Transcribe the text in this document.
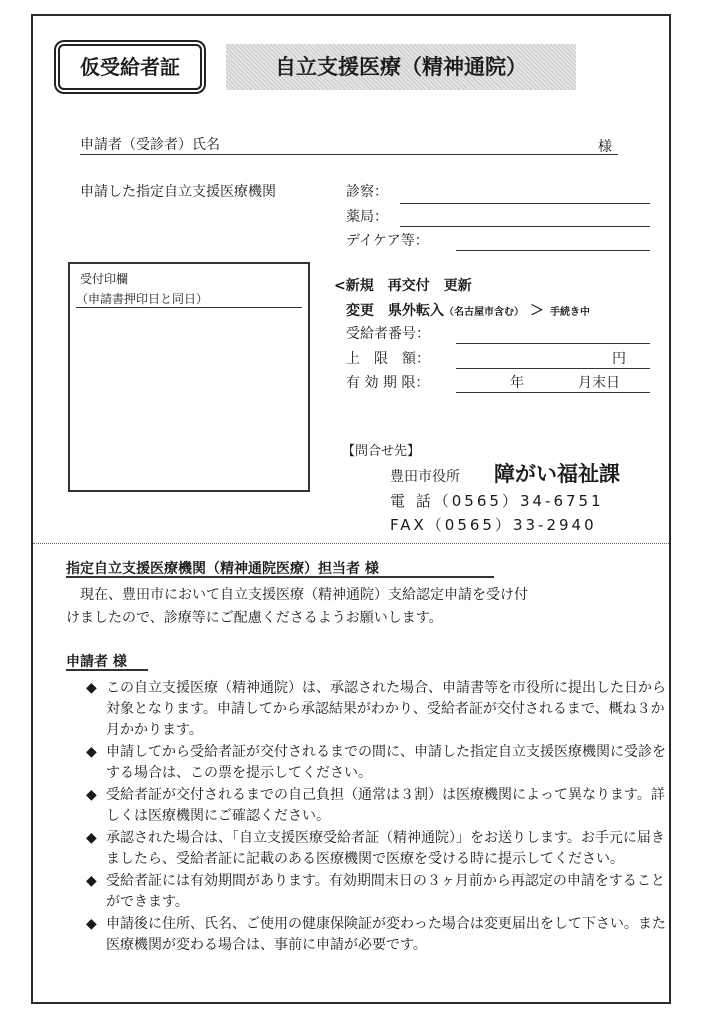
仮受給者証	自立支援医療（精神通院）
申請者（受診者）氏名	様
申請した指定自立支援医療機関	診察：
薬局：
デイケア等：
受付印欄
（申請書押印日と同日）
<新規　再交付　更新
変更　県外転入（名古屋市含む） ＞ 手続き中
受給者番号：
上　限　額：	円
有 効 期 限：	年	月末日
【問合せ先】
豊田市役所 障がい福祉課
電 話（0565）34-6751
FAX（0565）33-2940
指定自立支援医療機関（精神通院医療）担当者 様
現在、豊田市において自立支援医療（精神通院）支給認定申請を受け付
けましたので、診療等にご配慮くださるようお願いします。
申請者 様
◆ この自立支援医療（精神通院）は、承認された場合、申請書等を市役所に提出した日から対象となります。申請してから承認結果がわかり、受給者証が交付されるまで、概ね３か月かかります。
◆ 申請してから受給者証が交付されるまでの間に、申請した指定自立支援医療機関に受診をする場合は、この票を提示してください。
◆ 受給者証が交付されるまでの自己負担（通常は３割）は医療機関によって異なります。詳しくは医療機関にご確認ください。
◆ 承認された場合は、「自立支援医療受給者証（精神通院）」をお送りします。お手元に届きましたら、受給者証に記載のある医療機関で医療を受ける時に提示してください。
◆ 受給者証には有効期間があります。有効期間末日の３ヶ月前から再認定の申請をすることができます。
◆ 申請後に住所、氏名、ご使用の健康保険証が変わった場合は変更届出をして下さい。また医療機関が変わる場合は、事前に申請が必要です。
